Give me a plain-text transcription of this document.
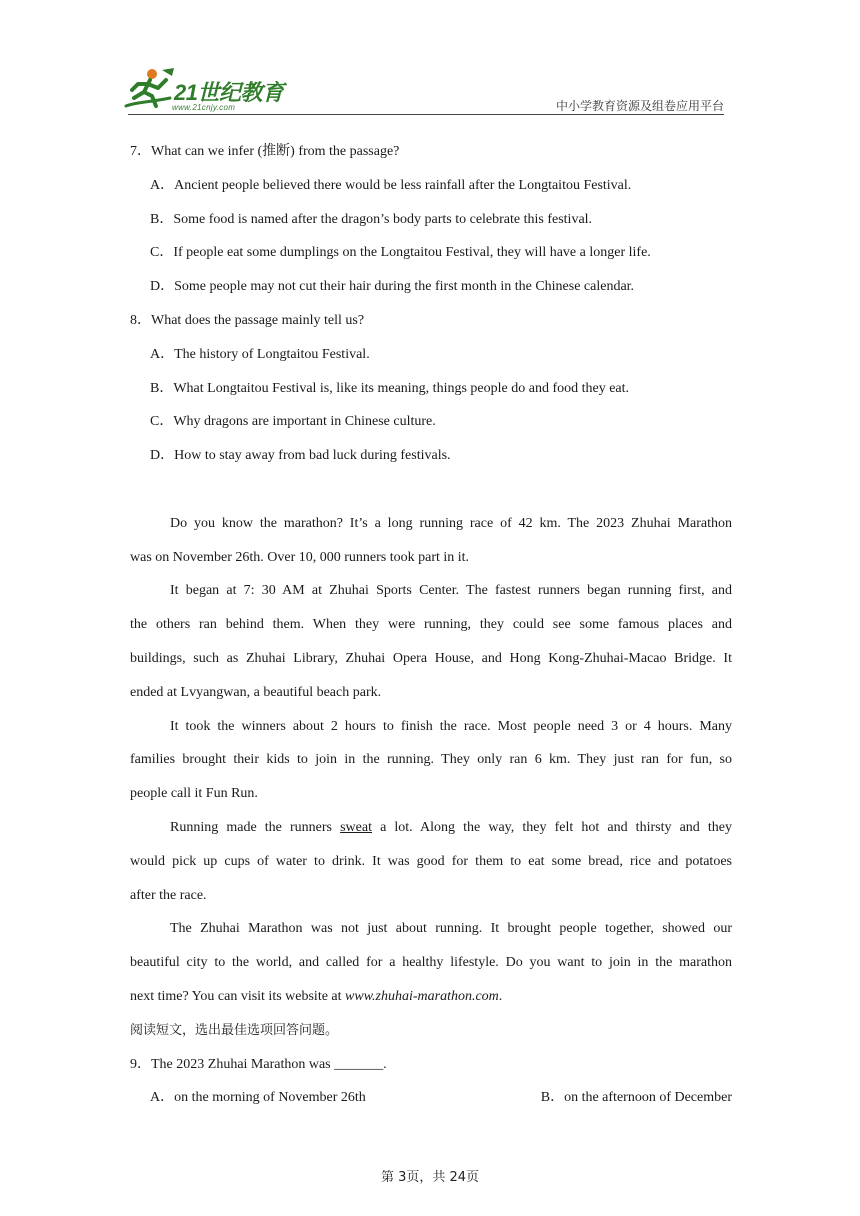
21世纪教育
www.21cnjy.com	中小学教育资源及组卷应用平台
7．What can we infer (推断) from the passage?
A．Ancient people believed there would be less rainfall after the Longtaitou Festival.
B．Some food is named after the dragon’s body parts to celebrate this festival.
C．If people eat some dumplings on the Longtaitou Festival, they will have a longer life.
D．Some people may not cut their hair during the first month in the Chinese calendar.
8．What does the passage mainly tell us?
A．The history of Longtaitou Festival.
B．What Longtaitou Festival is, like its meaning, things people do and food they eat.
C．Why dragons are important in Chinese culture.
D．How to stay away from bad luck during festivals.
Do you know the marathon? It’s a long running race of 42 km. The 2023 Zhuhai Marathon
was on November 26th. Over 10, 000 runners took part in it.
It began at 7: 30 AM at Zhuhai Sports Center. The fastest runners began running first, and
the others ran behind them. When they were running, they could see some famous places and
buildings, such as Zhuhai Library, Zhuhai Opera House, and Hong Kong-Zhuhai-Macao Bridge. It
ended at Lvyangwan, a beautiful beach park.
It took the winners about 2 hours to finish the race. Most people need 3 or 4 hours. Many
families brought their kids to join in the running. They only ran 6 km. They just ran for fun, so
people call it Fun Run.
Running made the runners sweat a lot. Along the way, they felt hot and thirsty and they
would pick up cups of water to drink. It was good for them to eat some bread, rice and potatoes
after the race.
The Zhuhai Marathon was not just about running. It brought people together, showed our
beautiful city to the world, and called for a healthy lifestyle. Do you want to join in the marathon
next time? You can visit its website at www.zhuhai-marathon.com.
阅读短文，选出最佳选项回答问题。
9．The 2023 Zhuhai Marathon was _______.
A．on the morning of November 26th	B．on the afternoon of December
第 3页，共 24页
